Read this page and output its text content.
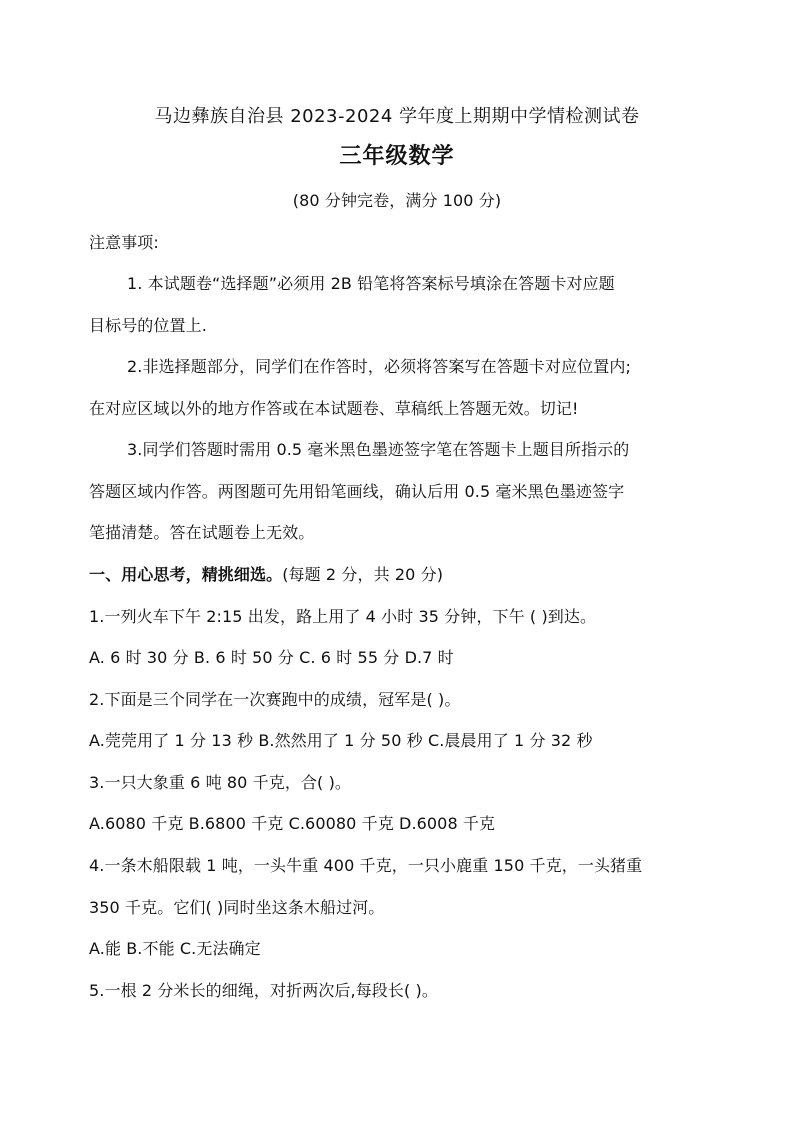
马边彝族自治县 2023-2024 学年度上期期中学情检测试卷
三年级数学
(80 分钟完卷，满分 100 分)
注意事项:
1. 本试题卷“选择题”必须用 2B 铅笔将答案标号填涂在答题卡对应题
目标号的位置上.
2.非选择题部分，同学们在作答时，必须将答案写在答题卡对应位置内;
在对应区域以外的地方作答或在本试题卷、草稿纸上答题无效。切记!
3.同学们答题时需用 0.5 毫米黑色墨迹签字笔在答题卡上题目所指示的
答题区域内作答。两图题可先用铅笔画线，确认后用 0.5 毫米黑色墨迹签字
笔描清楚。答在试题卷上无效。
一、用心思考，精挑细选。(每题 2 分，共 20 分)
1.一列火车下午 2:15 出发，路上用了 4 小时 35 分钟，下午 ( )到达。
A. 6 时 30 分 B. 6 时 50 分 C. 6 时 55 分 D.7 时
2.下面是三个同学在一次赛跑中的成绩，冠军是( )。
A.莞莞用了 1 分 13 秒 B.然然用了 1 分 50 秒 C.晨晨用了 1 分 32 秒
3.一只大象重 6 吨 80 千克，合( )。
A.6080 千克 B.6800 千克 C.60080 千克 D.6008 千克
4.一条木船限载 1 吨，一头牛重 400 千克，一只小鹿重 150 千克，一头猪重
350 千克。它们( )同时坐这条木船过河。
A.能 B.不能 C.无法确定
5.一根 2 分米长的细绳，对折两次后,每段长( )。
